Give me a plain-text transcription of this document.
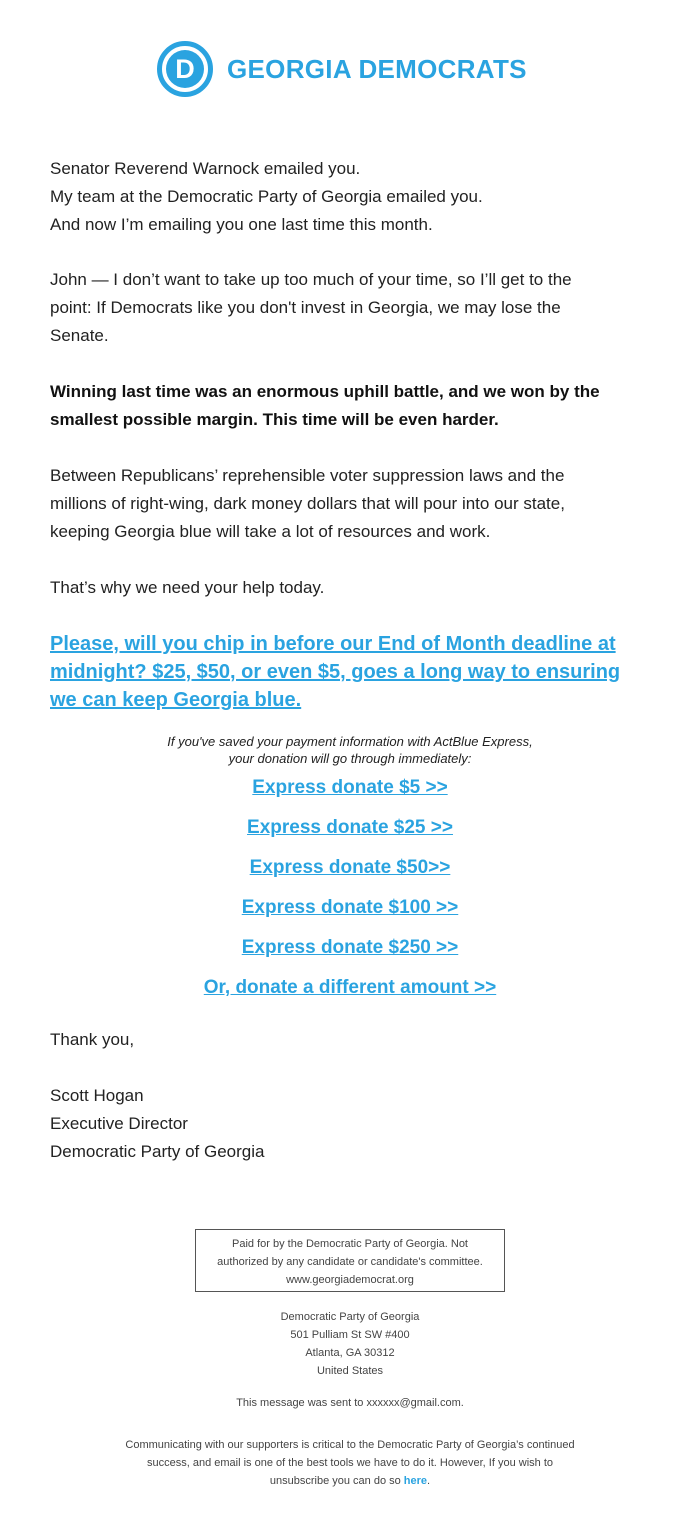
D	GEORGIA DEMOCRATS

Senator Reverend Warnock emailed you.

My team at the Democratic Party of Georgia emailed you.

And now I’m emailing you one last time this month.

John — I don’t want to take up too much of your time, so I’ll get to the

point: If Democrats like you don't invest in Georgia, we may lose the

Senate.

Winning last time was an enormous uphill battle, and we won by the

smallest possible margin. This time will be even harder.

Between Republicans’ reprehensible voter suppression laws and the

millions of right-wing, dark money dollars that will pour into our state,

keeping Georgia blue will take a lot of resources and work.

That’s why we need your help today.

Please, will you chip in before our End of Month deadline at

midnight? $25, $50, or even $5, goes a long way to ensuring

we can keep Georgia blue.

If you've saved your payment information with ActBlue Express,
your donation will go through immediately:
Express donate $5 >>
Express donate $25 >>
Express donate $50>>
Express donate $100 >>
Express donate $250 >>
Or, donate a different amount >>

Thank you,

Scott Hogan

Executive Director

Democratic Party of Georgia

Paid for by the Democratic Party of Georgia. Not
authorized by any candidate or candidate's committee.
www.georgiademocrat.org
Democratic Party of Georgia
501 Pulliam St SW #400
Atlanta, GA 30312
United States
This message was sent to xxxxxx@gmail.com.
Communicating with our supporters is critical to the Democratic Party of Georgia’s continued
success, and email is one of the best tools we have to do it. However, If you wish to
unsubscribe you can do so here.
